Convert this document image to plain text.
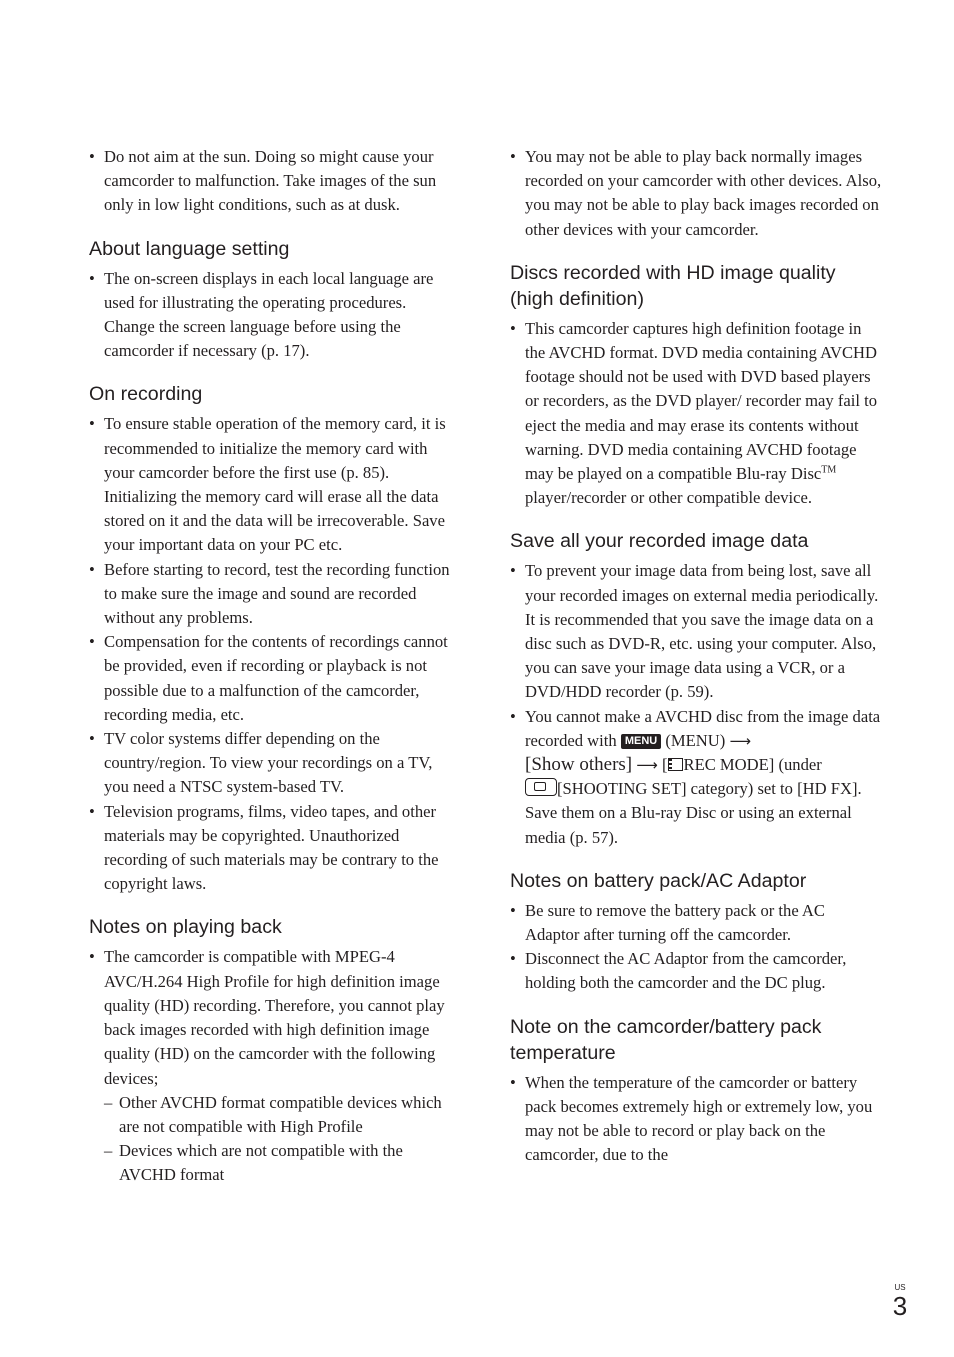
• Do not aim at the sun. Doing so might cause your camcorder to malfunction. Take images of the sun only in low light conditions, such as at dusk.

About language setting

• The on-screen displays in each local language are used for illustrating the operating procedures. Change the screen language before using the camcorder if necessary (p. 17).

On recording

• To ensure stable operation of the memory card, it is recommended to initialize the memory card with your camcorder before the first use (p. 85). Initializing the memory card will erase all the data stored on it and the data will be irrecoverable. Save your important data on your PC etc.

• Before starting to record, test the recording function to make sure the image and sound are recorded without any problems.

• Compensation for the contents of recordings cannot be provided, even if recording or playback is not possible due to a malfunction of the camcorder, recording media, etc.

• TV color systems differ depending on the country/region. To view your recordings on a TV, you need a NTSC system-based TV.

• Television programs, films, video tapes, and other materials may be copyrighted. Unauthorized recording of such materials may be contrary to the copyright laws.

Notes on playing back

• The camcorder is compatible with MPEG-4 AVC/H.264 High Profile for high definition image quality (HD) recording. Therefore, you cannot play back images recorded with high definition image quality (HD) on the camcorder with the following devices;

– Other AVCHD format compatible devices which are not compatible with High Profile

– Devices which are not compatible with the AVCHD format

• You may not be able to play back normally images recorded on your camcorder with other devices. Also, you may not be able to play back images recorded on other devices with your camcorder.

Discs recorded with HD image quality (high definition)

• This camcorder captures high definition footage in the AVCHD format. DVD media containing AVCHD footage should not be used with DVD based players or recorders, as the DVD player/ recorder may fail to eject the media and may erase its contents without warning. DVD media containing AVCHD footage may be played on a compatible Blu-ray Disc™ player/recorder or other compatible device.

Save all your recorded image data

• To prevent your image data from being lost, save all your recorded images on external media periodically. It is recommended that you save the image data on a disc such as DVD-R, etc. using your computer. Also, you can save your image data using a VCR, or a DVD/HDD recorder (p. 59).

• You cannot make a AVCHD disc from the image data recorded with MENU (MENU) ⟶
[Show others] ⟶ [ REC MODE] (under
[SHOOTING SET] category) set to [HD FX]. Save them on a Blu-ray Disc or using an external media (p. 57).

Notes on battery pack/AC Adaptor

• Be sure to remove the battery pack or the AC Adaptor after turning off the camcorder.

• Disconnect the AC Adaptor from the camcorder, holding both the camcorder and the DC plug.

Note on the camcorder/battery pack temperature

• When the temperature of the camcorder or battery pack becomes extremely high or extremely low, you may not be able to record or play back on the camcorder, due to the

US
3
